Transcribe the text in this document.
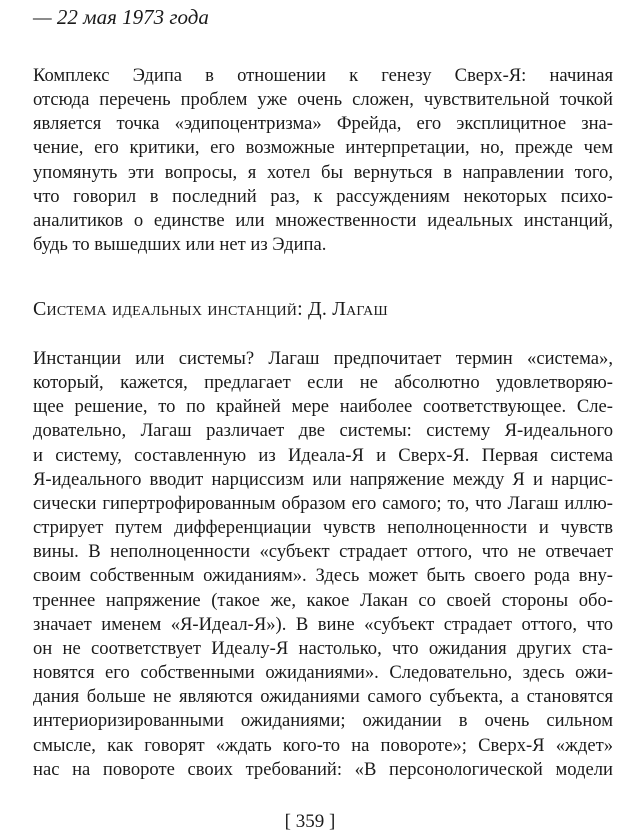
— 22 мая 1973 года
Комплекс Эдипа в отношении к генезу Сверх-Я: начиная
отсюда перечень проблем уже очень сложен, чувствительной точкой
является точка «эдипоцентризма» Фрейда, его эксплицитное зна-
чение, его критики, его возможные интерпретации, но, прежде чем
упомянуть эти вопросы, я хотел бы вернуться в направлении того,
что говорил в последний раз, к рассуждениям некоторых психо-
аналитиков о единстве или множественности идеальных инстанций,
будь то вышедших или нет из Эдипа.
Система идеальных инстанций: Д. Лагаш
Инстанции или системы? Лагаш предпочитает термин «система»,
который, кажется, предлагает если не абсолютно удовлетворяю-
щее решение, то по крайней мере наиболее соответствующее. Сле-
довательно, Лагаш различает две системы: систему Я-идеального
и систему, составленную из Идеала-Я и Сверх-Я. Первая система
Я-идеального вводит нарциссизм или напряжение между Я и нарцис-
сически гипертрофированным образом его самого; то, что Лагаш иллю-
стрирует путем дифференциации чувств неполноценности и чувств
вины. В неполноценности «субъект страдает оттого, что не отвечает
своим собственным ожиданиям». Здесь может быть своего рода вну-
треннее напряжение (такое же, какое Лакан со своей стороны обо-
значает именем «Я-Идеал-Я»). В вине «субъект страдает оттого, что
он не соответствует Идеалу-Я настолько, что ожидания других ста-
новятся его собственными ожиданиями». Следовательно, здесь ожи-
дания больше не являются ожиданиями самого субъекта, а становятся
интериоризированными ожиданиями; ожидании в очень сильном
смысле, как говорят «ждать кого-то на повороте»; Сверх-Я «ждет»
нас на повороте своих требований: «В персонологической модели
[ 359 ]
